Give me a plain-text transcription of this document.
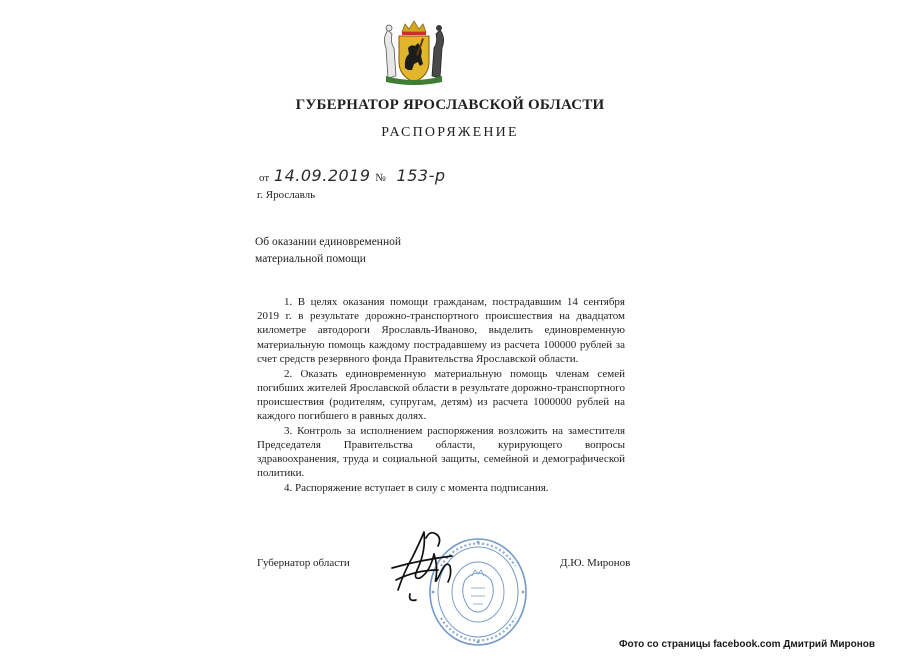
ГУБЕРНАТОР ЯРОСЛАВСКОЙ ОБЛАСТИ
РАСПОРЯЖЕНИЕ
от 14.09.2019 № 153-р
г. Ярославль
Об оказании единовременной
материальной помощи

1. В целях оказания помощи гражданам, пострадавшим 14 сентября 2019 г. в результате дорожно-транспортного происшествия на двадцатом километре автодороги Ярославль-Иваново, выделить единовременную материальную помощь каждому пострадавшему из расчета 100000 рублей за счет средств резервного фонда Правительства Ярославской области.

2. Оказать единовременную материальную помощь членам семей погибших жителей Ярославской области в результате дорожно-транспортного происшествия (родителям, супругам, детям) из расчета 1000000 рублей на каждого погибшего в равных долях.

3. Контроль за исполнением распоряжения возложить на заместителя Председателя Правительства области, курирующего вопросы здравоохранения, труда и социальной защиты, семейной и демографической политики.

4. Распоряжение вступает в силу с момента подписания.

Губернатор области	Д.Ю. Миронов
Фото со страницы facebook.com Дмитрий Миронов
